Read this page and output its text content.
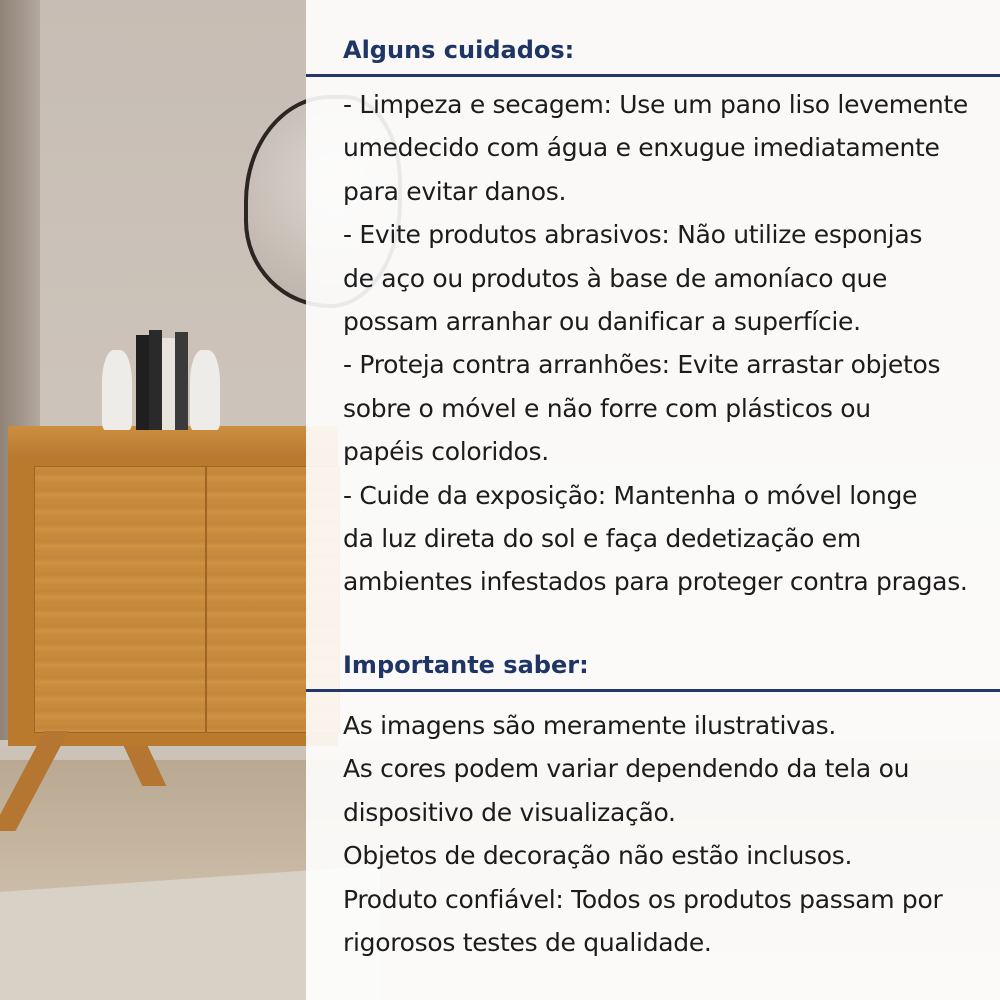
Alguns cuidados:
- Limpeza e secagem: Use um pano liso levemente
umedecido com água e enxugue imediatamente
para evitar danos.
- Evite produtos abrasivos: Não utilize esponjas
de aço ou produtos à base de amoníaco que
possam arranhar ou danificar a superfície.
- Proteja contra arranhões: Evite arrastar objetos
sobre o móvel e não forre com plásticos ou
papéis coloridos.
- Cuide da exposição: Mantenha o móvel longe
da luz direta do sol e faça dedetização em
ambientes infestados para proteger contra pragas.
Importante saber:
As imagens são meramente ilustrativas.
As cores podem variar dependendo da tela ou
dispositivo de visualização.
Objetos de decoração não estão inclusos.
Produto confiável: Todos os produtos passam por
rigorosos testes de qualidade.
